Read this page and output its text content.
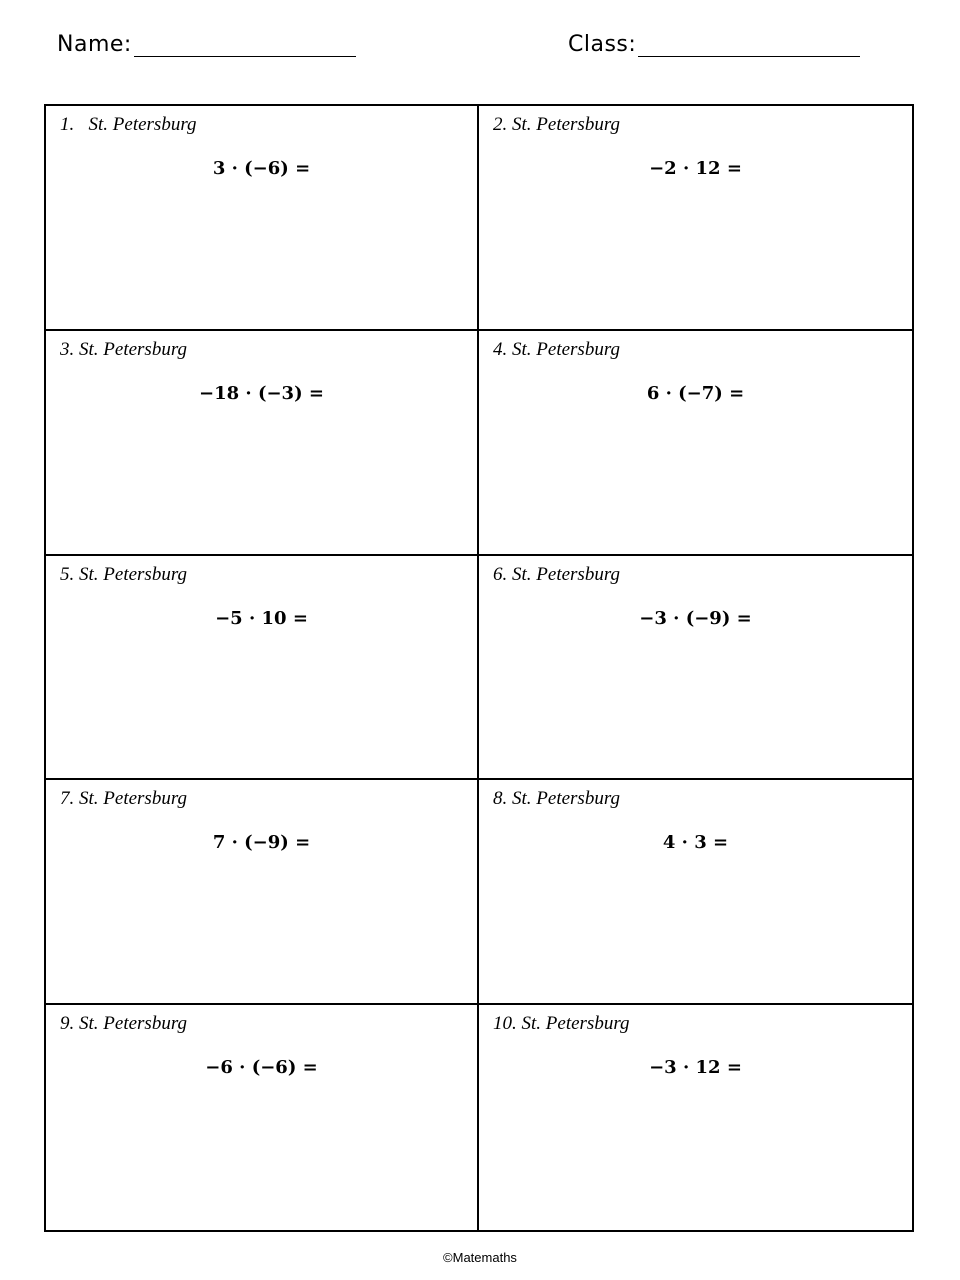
Name:	Class:
1.   St. Petersburg
3 · (−6) =
2. St. Petersburg
−2 · 12 =
3. St. Petersburg
−18 · (−3) =
4. St. Petersburg
6 · (−7) =
5. St. Petersburg
−5 · 10 =
6. St. Petersburg
−3 · (−9) =
7. St. Petersburg
7 · (−9) =
8. St. Petersburg
4 · 3 =
9. St. Petersburg
−6 · (−6) =
10. St. Petersburg
−3 · 12 =
©Matemaths
